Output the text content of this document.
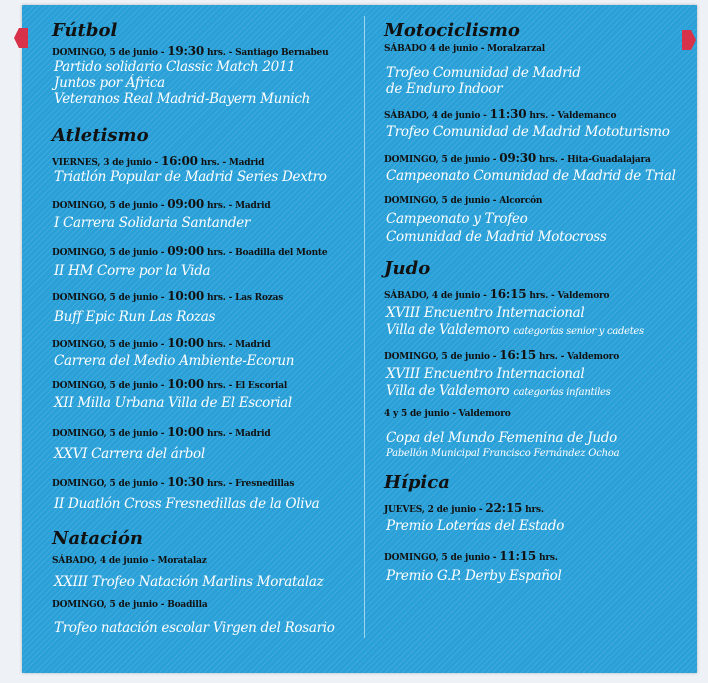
Fútbol
DOMINGO, 5 de junio - 19:30 hrs. - Santiago Bernabeu
Partido solidario Classic Match 2011
Juntos por África
Veteranos Real Madrid-Bayern Munich
Atletismo
VIERNES, 3 de junio - 16:00 hrs. - Madrid
Triatlón Popular de Madrid Series Dextro
DOMINGO, 5 de junio - 09:00 hrs. - Madrid
I Carrera Solidaria Santander
DOMINGO, 5 de junio - 09:00 hrs. - Boadilla del Monte
II HM Corre por la Vida
DOMINGO, 5 de junio - 10:00 hrs. - Las Rozas
Buff Epic Run Las Rozas
DOMINGO, 5 de junio - 10:00 hrs. - Madrid
Carrera del Medio Ambiente-Ecorun
DOMINGO, 5 de junio - 10:00 hrs. - El Escorial
XII Milla Urbana Villa de El Escorial
DOMINGO, 5 de junio - 10:00 hrs. - Madrid
XXVI Carrera del árbol
DOMINGO, 5 de junio - 10:30 hrs. - Fresnedillas
II Duatlón Cross Fresnedillas de la Oliva
Natación
SÁBADO, 4 de junio - Moratalaz
XXIII Trofeo Natación Marlins Moratalaz
DOMINGO, 5 de junio - Boadilla
Trofeo natación escolar Virgen del Rosario
Motociclismo
SÁBADO 4 de junio - Moralzarzal
Trofeo Comunidad de Madrid
de Enduro Indoor
SÁBADO, 4 de junio - 11:30 hrs. - Valdemanco
Trofeo Comunidad de Madrid Mototurismo
DOMINGO, 5 de junio - 09:30 hrs. - Hita-Guadalajara
Campeonato Comunidad de Madrid de Trial
DOMINGO, 5 de junio - Alcorcón
Campeonato y Trofeo
Comunidad de Madrid Motocross
Judo
SÁBADO, 4 de junio - 16:15 hrs. - Valdemoro
XVIII Encuentro Internacional
Villa de Valdemoro categorías senior y cadetes
DOMINGO, 5 de junio - 16:15 hrs. - Valdemoro
XVIII Encuentro Internacional
Villa de Valdemoro categorías infantiles
4 y 5 de junio - Valdemoro
Copa del Mundo Femenina de Judo
Pabellón Municipal Francisco Fernández Ochoa
Hípica
JUEVES, 2 de junio - 22:15 hrs.
Premio Loterías del Estado
DOMINGO, 5 de junio - 11:15 hrs.
Premio G.P. Derby Español
